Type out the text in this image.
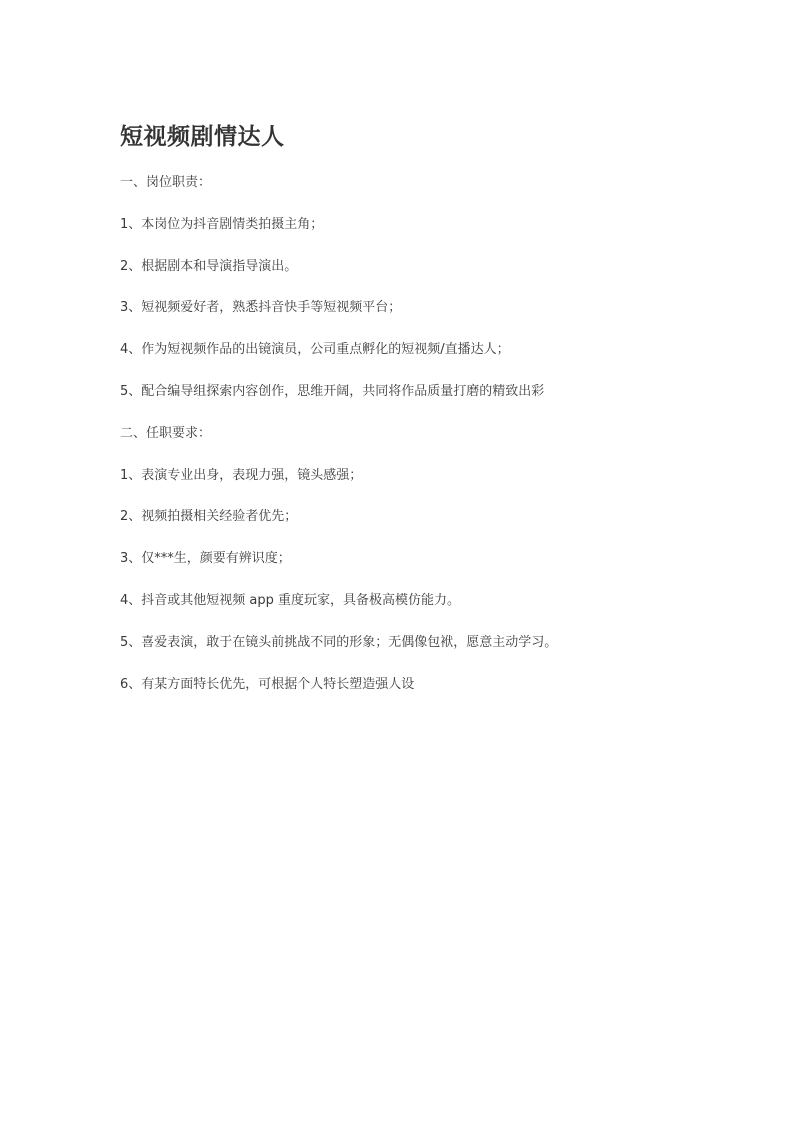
短视频剧情达人

一、岗位职责：

1、本岗位为抖音剧情类拍摄主角；

2、根据剧本和导演指导演出。

3、短视频爱好者，熟悉抖音快手等短视频平台；

4、作为短视频作品的出镜演员，公司重点孵化的短视频/直播达人；

5、配合编导组探索内容创作，思维开阔，共同将作品质量打磨的精致出彩

二、任职要求：

1、表演专业出身，表现力强，镜头感强；

2、视频拍摄相关经验者优先；

3、仅***生，颜要有辨识度；

4、抖音或其他短视频 app 重度玩家，具备极高模仿能力。

5、喜爱表演，敢于在镜头前挑战不同的形象；无偶像包袱，愿意主动学习。

6、有某方面特长优先，可根据个人特长塑造强人设
